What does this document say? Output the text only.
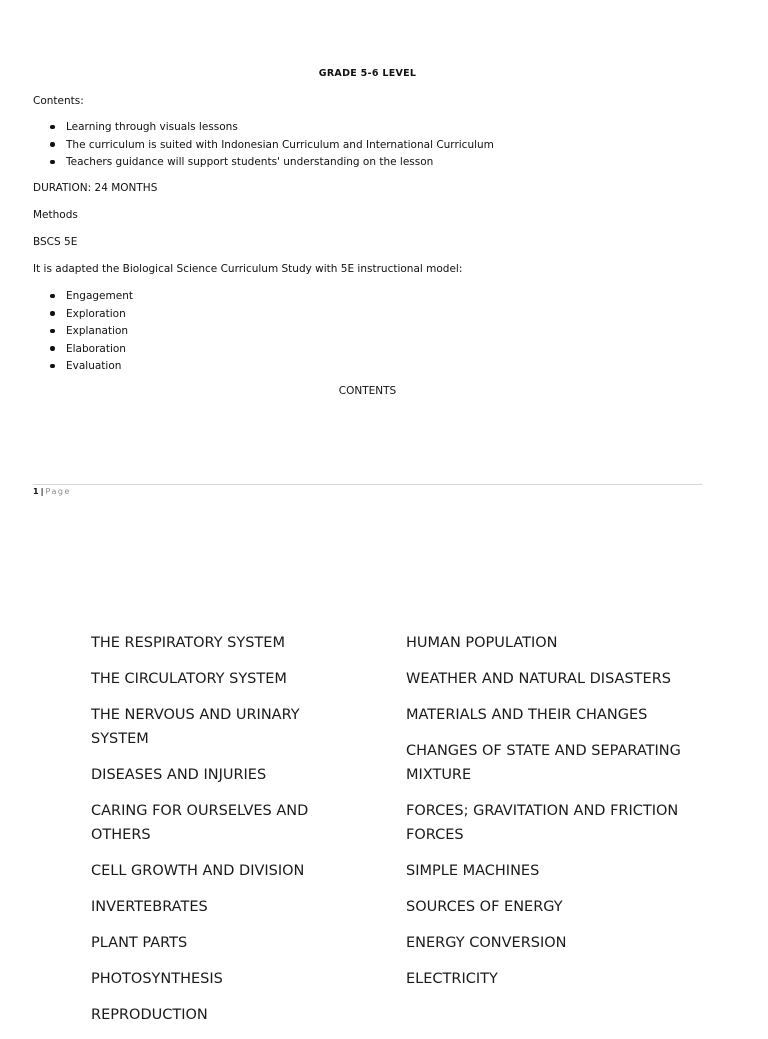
GRADE 5-6 LEVEL
Contents:
Learning through visuals lessons
The curriculum is suited with Indonesian Curriculum and International Curriculum
Teachers guidance will support students' understanding on the lesson
DURATION: 24 MONTHS
Methods
BSCS 5E
It is adapted the Biological Science Curriculum Study with 5E instructional model:
Engagement
Exploration
Explanation
Elaboration
Evaluation
CONTENTS
1 | Page
THE RESPIRATORY SYSTEM
THE CIRCULATORY SYSTEM
THE NERVOUS AND URINARY SYSTEM
DISEASES AND INJURIES
CARING FOR OURSELVES AND OTHERS
CELL GROWTH AND DIVISION
INVERTEBRATES
PLANT PARTS
PHOTOSYNTHESIS
REPRODUCTION
HUMAN POPULATION
WEATHER AND NATURAL DISASTERS
MATERIALS AND THEIR CHANGES
CHANGES OF STATE AND SEPARATING MIXTURE
FORCES; GRAVITATION AND FRICTION FORCES
SIMPLE MACHINES
SOURCES OF ENERGY
ENERGY CONVERSION
ELECTRICITY
